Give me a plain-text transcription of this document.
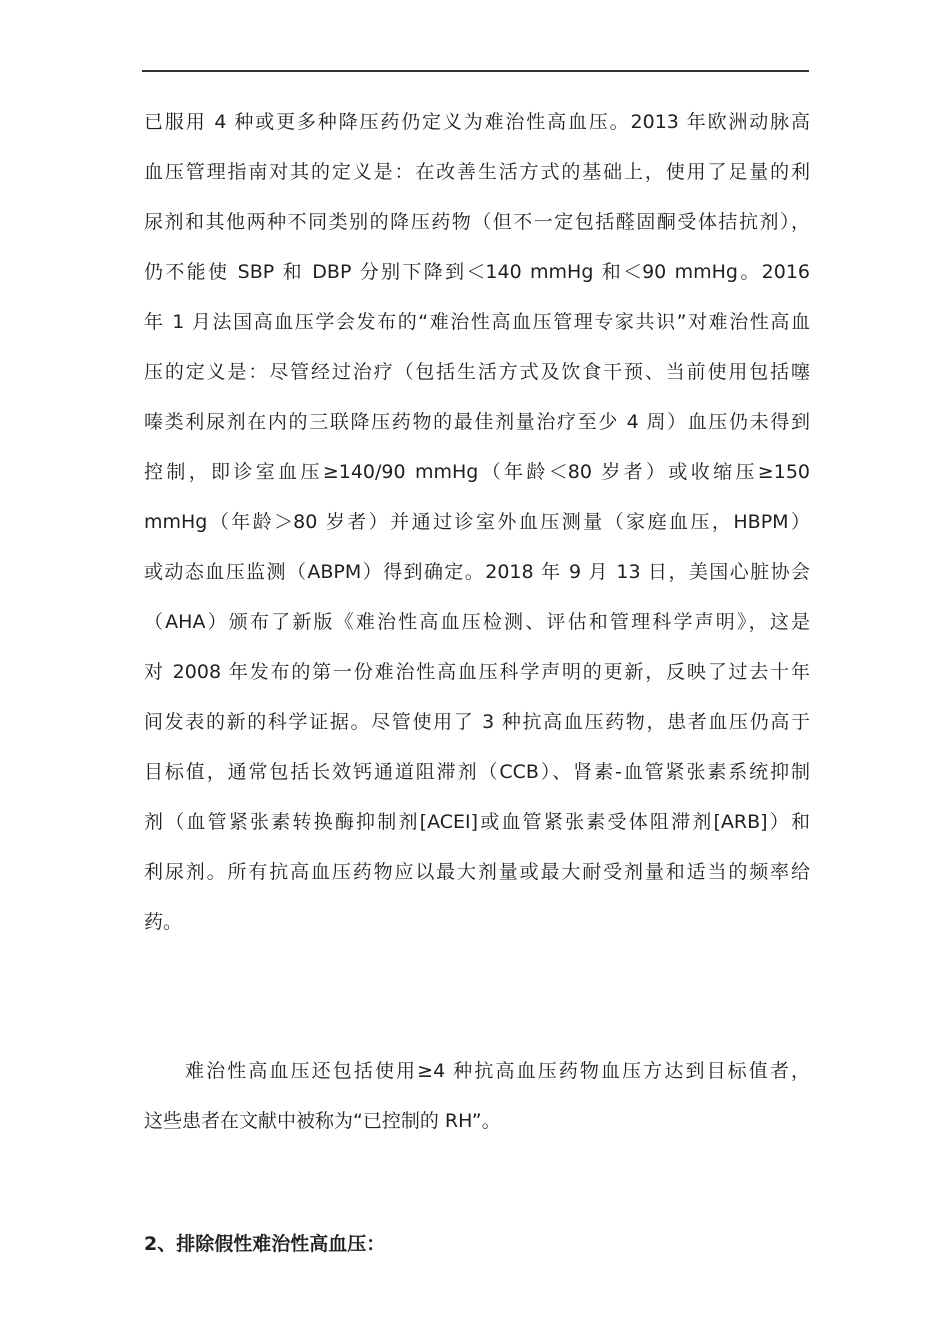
已服用 4 种或更多种降压药仍定义为难治性高血压。2013 年欧洲动脉高
血压管理指南对其的定义是：在改善生活方式的基础上，使用了足量的利
尿剂和其他两种不同类别的降压药物（但不一定包括醛固酮受体拮抗剂），
仍不能使 SBP 和 DBP 分别下降到＜140 mmHg 和＜90 mmHg。2016
年 1 月法国高血压学会发布的“难治性高血压管理专家共识”对难治性高血
压的定义是：尽管经过治疗（包括生活方式及饮食干预、当前使用包括噻
嗪类利尿剂在内的三联降压药物的最佳剂量治疗至少 4 周）血压仍未得到
控制，即诊室血压≥140/90 mmHg（年龄＜80 岁者）或收缩压≥150
mmHg（年龄＞80 岁者）并通过诊室外血压测量（家庭血压，HBPM）
或动态血压监测（ABPM）得到确定。2018 年 9 月 13 日，美国心脏协会
（AHA）颁布了新版《难治性高血压检测、评估和管理科学声明》，这是
对 2008 年发布的第一份难治性高血压科学声明的更新，反映了过去十年
间发表的新的科学证据。尽管使用了 3 种抗高血压药物，患者血压仍高于
目标值，通常包括长效钙通道阻滞剂（CCB）、肾素-血管紧张素系统抑制
剂（血管紧张素转换酶抑制剂[ACEI]或血管紧张素受体阻滞剂[ARB]）和
利尿剂。所有抗高血压药物应以最大剂量或最大耐受剂量和适当的频率给
药。
难治性高血压还包括使用≥4 种抗高血压药物血压方达到目标值者，
这些患者在文献中被称为“已控制的 RH”。
2、排除假性难治性高血压：
